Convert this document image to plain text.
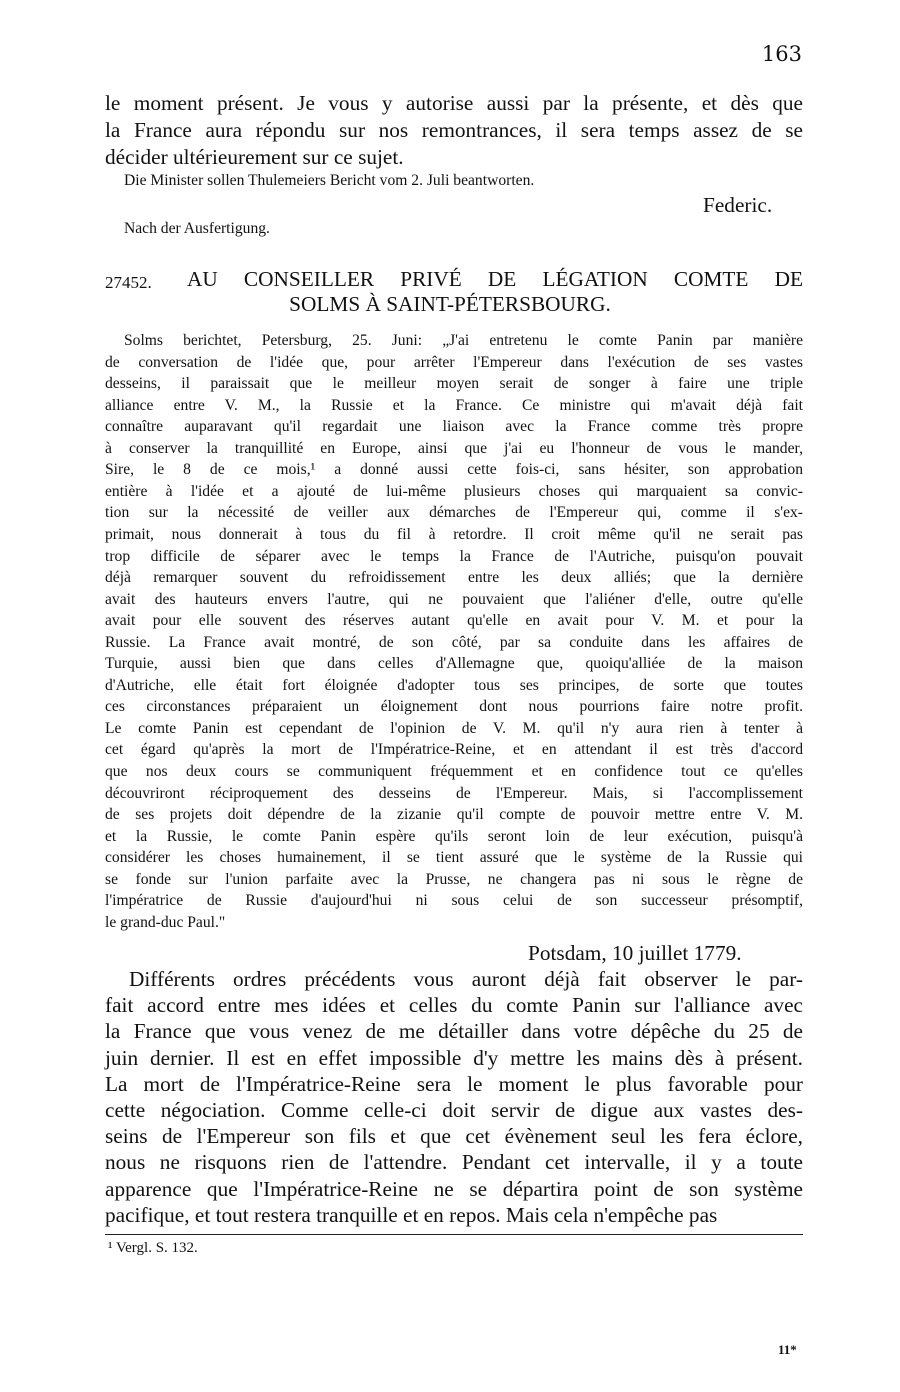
163
le moment présent. Je vous y autorise aussi par la présente, et dès que
la France aura répondu sur nos remontrances, il sera temps assez de se
décider ultérieurement sur ce sujet.
Die Minister sollen Thulemeiers Bericht vom 2. Juli beantworten.
Federic.
Nach der Ausfertigung.
27452. AU CONSEILLER PRIVÉ DE LÉGATION COMTE DE
SOLMS À SAINT-PÉTERSBOURG.
Solms berichtet, Petersburg, 25. Juni: „J'ai entretenu le comte Panin par manière
de conversation de l'idée que, pour arrêter l'Empereur dans l'exécution de ses vastes
desseins, il paraissait que le meilleur moyen serait de songer à faire une triple
alliance entre V. M., la Russie et la France. Ce ministre qui m'avait déjà fait
connaître auparavant qu'il regardait une liaison avec la France comme très propre
à conserver la tranquillité en Europe, ainsi que j'ai eu l'honneur de vous le mander,
Sire, le 8 de ce mois,¹ a donné aussi cette fois-ci, sans hésiter, son approbation
entière à l'idée et a ajouté de lui-même plusieurs choses qui marquaient sa convic-
tion sur la nécessité de veiller aux démarches de l'Empereur qui, comme il s'ex-
primait, nous donnerait à tous du fil à retordre. Il croit même qu'il ne serait pas
trop difficile de séparer avec le temps la France de l'Autriche, puisqu'on pouvait
déjà remarquer souvent du refroidissement entre les deux alliés; que la dernière
avait des hauteurs envers l'autre, qui ne pouvaient que l'aliéner d'elle, outre qu'elle
avait pour elle souvent des réserves autant qu'elle en avait pour V. M. et pour la
Russie. La France avait montré, de son côté, par sa conduite dans les affaires de
Turquie, aussi bien que dans celles d'Allemagne que, quoiqu'alliée de la maison
d'Autriche, elle était fort éloignée d'adopter tous ses principes, de sorte que toutes
ces circonstances préparaient un éloignement dont nous pourrions faire notre profit.
Le comte Panin est cependant de l'opinion de V. M. qu'il n'y aura rien à tenter à
cet égard qu'après la mort de l'Impératrice-Reine, et en attendant il est très d'accord
que nos deux cours se communiquent fréquemment et en confidence tout ce qu'elles
découvriront réciproquement des desseins de l'Empereur. Mais, si l'accomplissement
de ses projets doit dépendre de la zizanie qu'il compte de pouvoir mettre entre V. M.
et la Russie, le comte Panin espère qu'ils seront loin de leur exécution, puisqu'à
considérer les choses humainement, il se tient assuré que le système de la Russie qui
se fonde sur l'union parfaite avec la Prusse, ne changera pas ni sous le règne de
l'impératrice de Russie d'aujourd'hui ni sous celui de son successeur présomptif,
le grand-duc Paul."
Potsdam, 10 juillet 1779.
Différents ordres précédents vous auront déjà fait observer le par-
fait accord entre mes idées et celles du comte Panin sur l'alliance avec
la France que vous venez de me détailler dans votre dépêche du 25 de
juin dernier. Il est en effet impossible d'y mettre les mains dès à présent.
La mort de l'Impératrice-Reine sera le moment le plus favorable pour
cette négociation. Comme celle-ci doit servir de digue aux vastes des-
seins de l'Empereur son fils et que cet évènement seul les fera éclore,
nous ne risquons rien de l'attendre. Pendant cet intervalle, il y a toute
apparence que l'Impératrice-Reine ne se départira point de son système
pacifique, et tout restera tranquille et en repos. Mais cela n'empêche pas
¹ Vergl. S. 132.
11*
